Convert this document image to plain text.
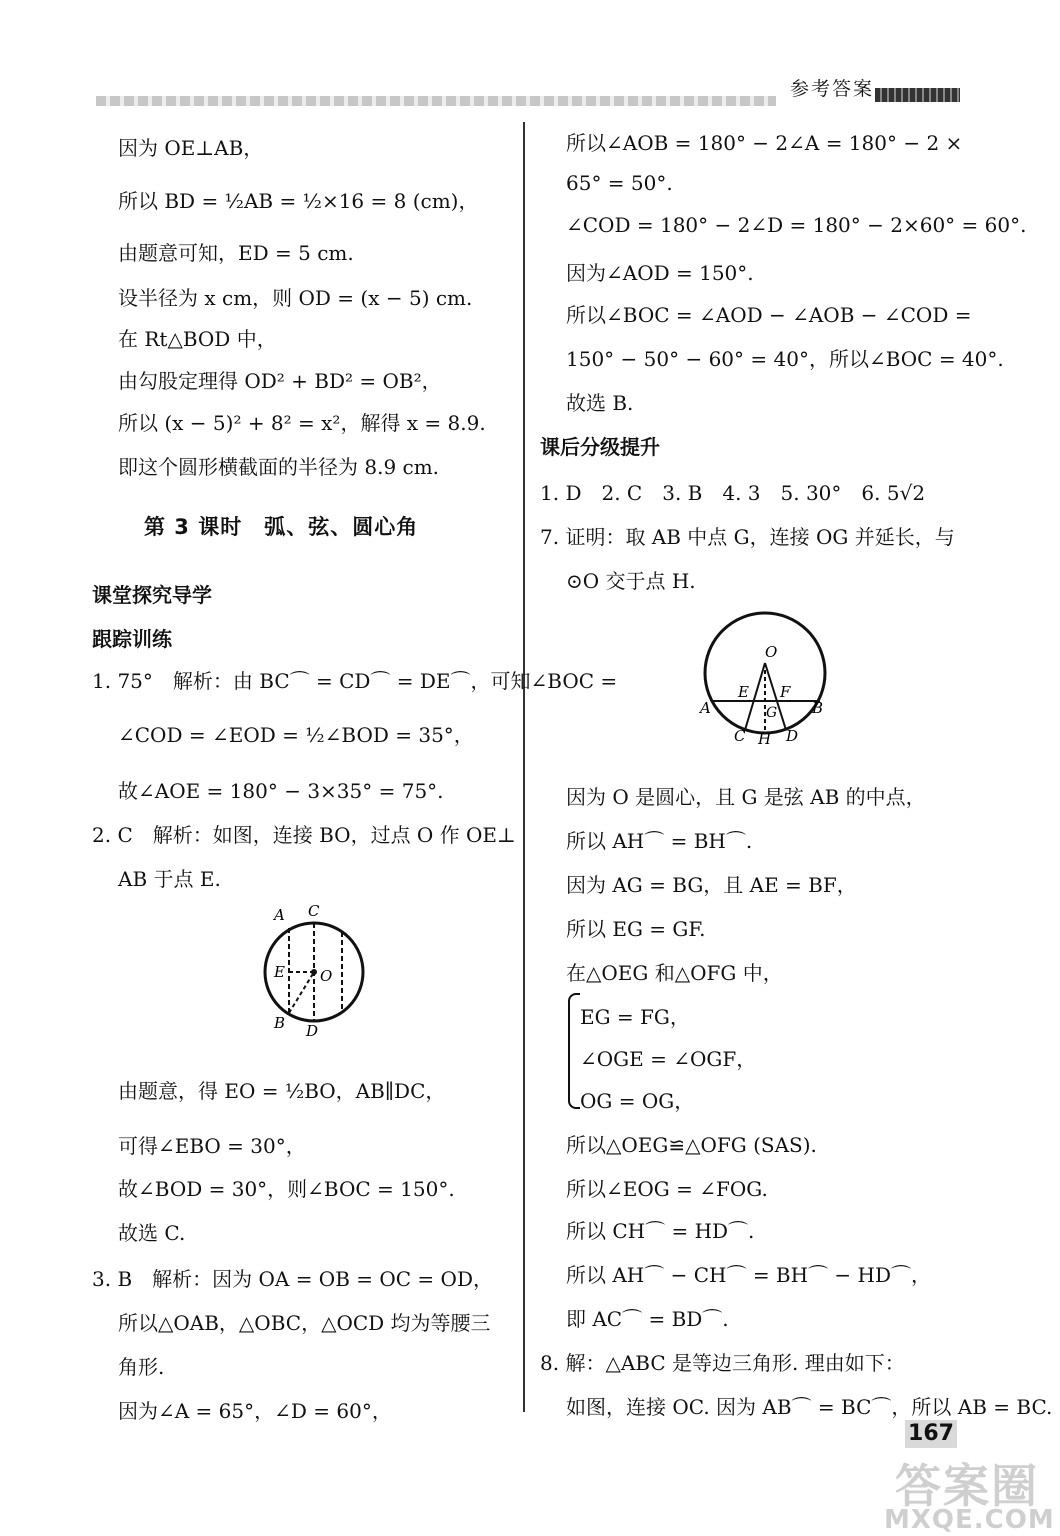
参考答案
因为 OE⊥AB，
所以 BD = ½AB = ½×16 = 8 (cm)，
由题意可知，ED = 5 cm.
设半径为 x cm，则 OD = (x − 5) cm.
在 Rt△BOD 中，
由勾股定理得 OD² + BD² = OB²，
所以 (x − 5)² + 8² = x²，解得 x = 8.9.
即这个圆形横截面的半径为 8.9 cm.
第 3 课时　弧、弦、圆心角
课堂探究导学
跟踪训练
1. 75°　解析：由 BC⌒ = CD⌒ = DE⌒，可知∠BOC =
∠COD = ∠EOD = ½∠BOD = 35°，
故∠AOE = 180° − 3×35° = 75°.
2. C　解析：如图，连接 BO，过点 O 作 OE⊥
AB 于点 E.
A C
E O
B D
由题意，得 EO = ½BO，AB∥DC，
可得∠EBO = 30°，
故∠BOD = 30°，则∠BOC = 150°.
故选 C.
3. B　解析：因为 OA = OB = OC = OD，
所以△OAB，△OBC，△OCD 均为等腰三
角形.
因为∠A = 65°，∠D = 60°，
所以∠AOB = 180° − 2∠A = 180° − 2 ×
65° = 50°.
∠COD = 180° − 2∠D = 180° − 2×60° = 60°.
因为∠AOD = 150°.
所以∠BOC = ∠AOD − ∠AOB − ∠COD =
150° − 50° − 60° = 40°，所以∠BOC = 40°.
故选 B.
课后分级提升
1. D　2. C　3. B　4. 3　5. 30°　6. 5√2
7. 证明：取 AB 中点 G，连接 OG 并延长，与
⊙O 交于点 H.
O
E F
A	G B
C H D
因为 O 是圆心，且 G 是弦 AB 的中点，
所以 AH⌒ = BH⌒.
因为 AG = BG，且 AE = BF，
所以 EG = GF.
在△OEG 和△OFG 中，
EG = FG，
∠OGE = ∠OGF，
OG = OG，
所以△OEG≌△OFG (SAS).
所以∠EOG = ∠FOG.
所以 CH⌒ = HD⌒.
所以 AH⌒ − CH⌒ = BH⌒ − HD⌒，
即 AC⌒ = BD⌒.
8. 解：△ABC 是等边三角形. 理由如下：
如图，连接 OC. 因为 AB⌒ = BC⌒，所以 AB = BC.
167
答案圈
MXQE.COM
